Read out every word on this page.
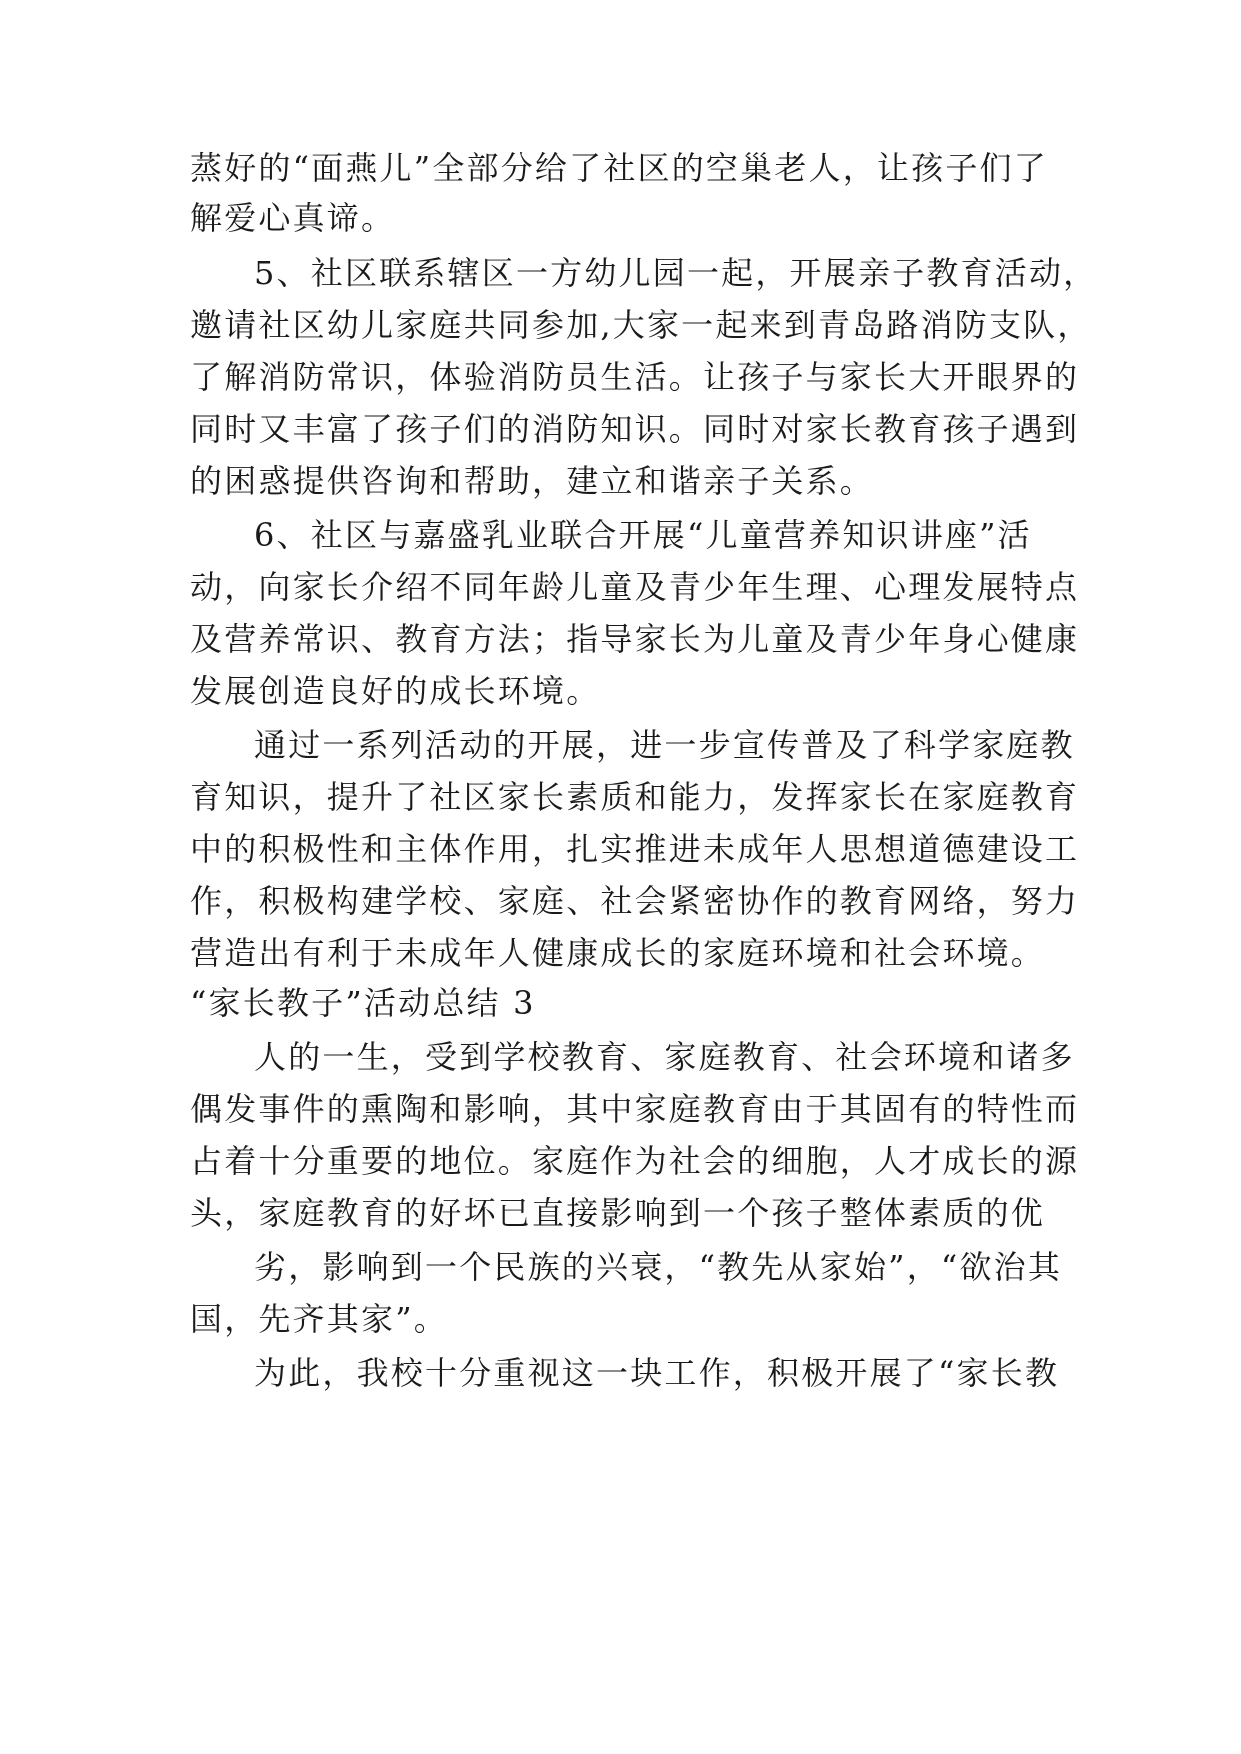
蒸好的“面燕儿”全部分给了社区的空巢老人，让孩子们了
解爱心真谛。
5、社区联系辖区一方幼儿园一起，开展亲子教育活动，
邀请社区幼儿家庭共同参加,大家一起来到青岛路消防支队，
了解消防常识，体验消防员生活。让孩子与家长大开眼界的
同时又丰富了孩子们的消防知识。同时对家长教育孩子遇到
的困惑提供咨询和帮助，建立和谐亲子关系。
6、社区与嘉盛乳业联合开展“儿童营养知识讲座”活
动，向家长介绍不同年龄儿童及青少年生理、心理发展特点
及营养常识、教育方法；指导家长为儿童及青少年身心健康
发展创造良好的成长环境。
通过一系列活动的开展，进一步宣传普及了科学家庭教
育知识，提升了社区家长素质和能力，发挥家长在家庭教育
中的积极性和主体作用，扎实推进未成年人思想道德建设工
作，积极构建学校、家庭、社会紧密协作的教育网络，努力
营造出有利于未成年人健康成长的家庭环境和社会环境。
“家长教子”活动总结 3
人的一生，受到学校教育、家庭教育、社会环境和诸多
偶发事件的熏陶和影响，其中家庭教育由于其固有的特性而
占着十分重要的地位。家庭作为社会的细胞，人才成长的源
头，家庭教育的好坏已直接影响到一个孩子整体素质的优
劣，影响到一个民族的兴衰，“教先从家始”，“欲治其
国，先齐其家”。
为此，我校十分重视这一块工作，积极开展了“家长教
